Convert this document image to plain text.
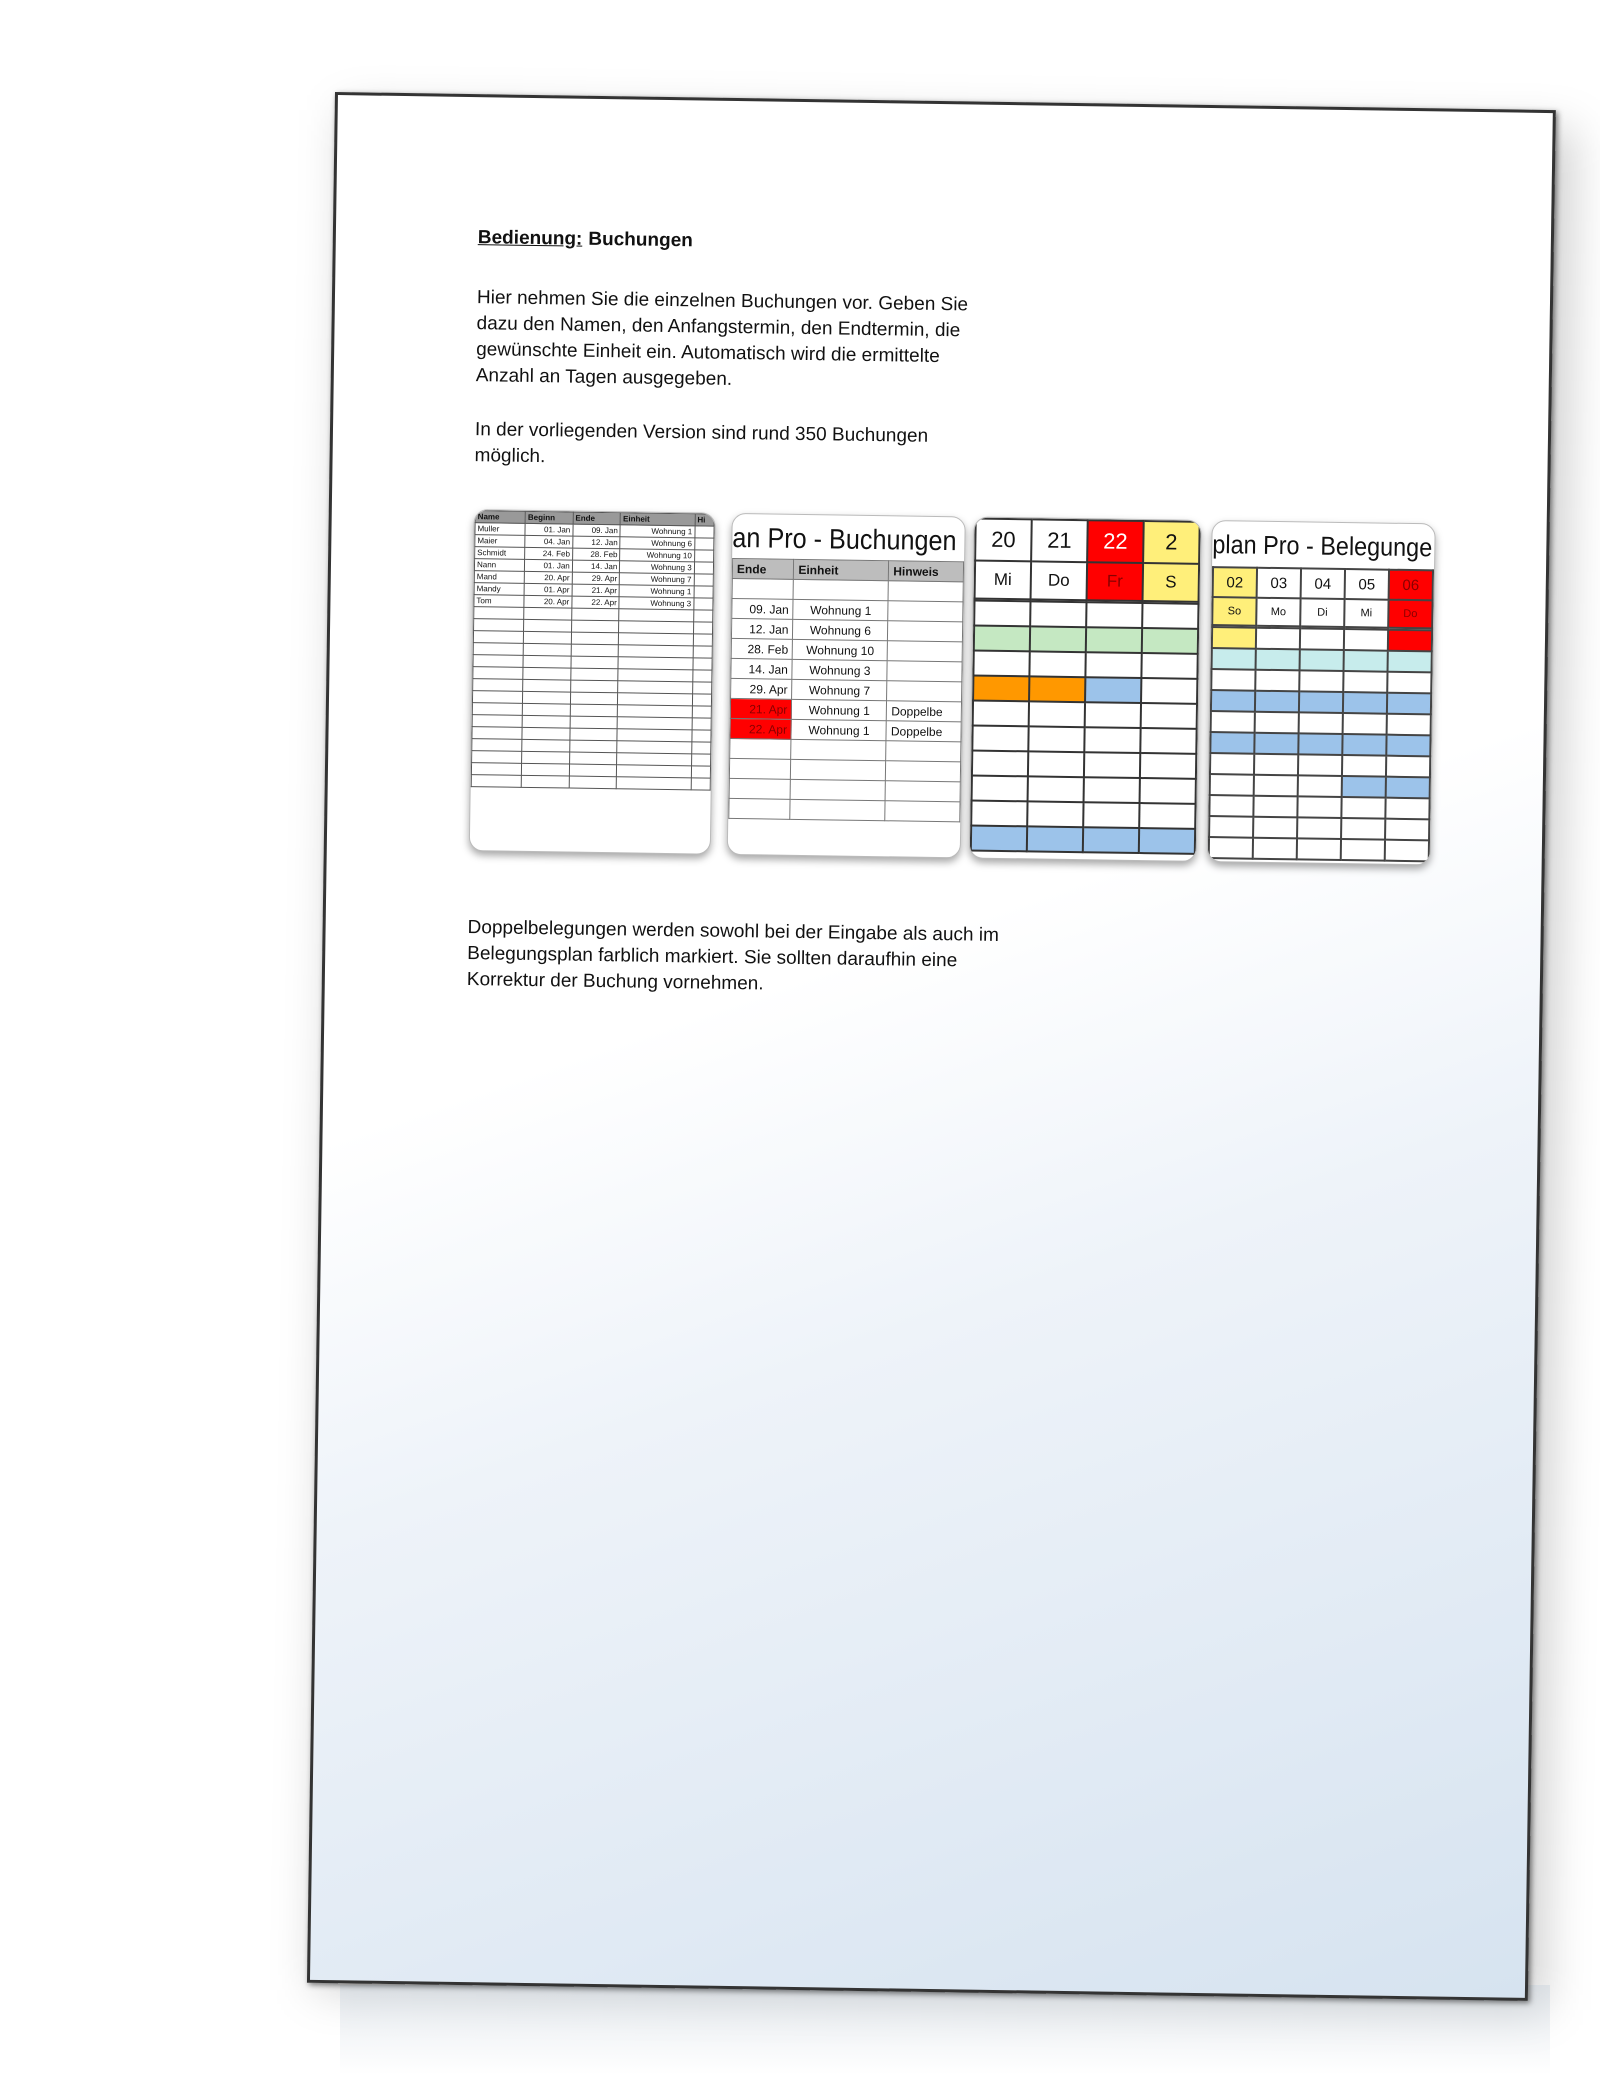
Bedienung: Buchungen

Hier nehmen Sie die einzelnen Buchungen vor. Geben Sie dazu den Namen, den Anfangstermin, den Endtermin, die gewünschte Einheit ein. Automatisch wird die ermittelte Anzahl an Tagen ausgegeben.

In der vorliegenden Version sind rund 350 Buchungen möglich.

Name	Beginn	Ende	Einheit	Hi
Muller	01. Jan	09. Jan	Wohnung 1	
Maier	04. Jan	12. Jan	Wohnung 6	
Schmidt	24. Feb	28. Feb	Wohnung 10	
Nann	01. Jan	14. Jan	Wohnung 3	
Mand	20. Apr	29. Apr	Wohnung 7	
Mandy	01. Apr	21. Apr	Wohnung 1	
Tom	20. Apr	22. Apr	Wohnung 3	

an Pro - Buchungen
Ende	Einheit	Hinweis

09. Jan	Wohnung 1	
12. Jan	Wohnung 6	
28. Feb	Wohnung 10	
14. Jan	Wohnung 3	
29. Apr	Wohnung 7	
21. Apr	Wohnung 1	Doppelbe
22. Apr	Wohnung 1	Doppelbe

20	21	22	2
Mi	Do	Fr	S

plan Pro - Belegunge
02	03	04	05	06
So	Mo	Di	Mi	Do

Doppelbelegungen werden sowohl bei der Eingabe als auch im Belegungsplan farblich markiert. Sie sollten daraufhin eine Korrektur der Buchung vornehmen.
